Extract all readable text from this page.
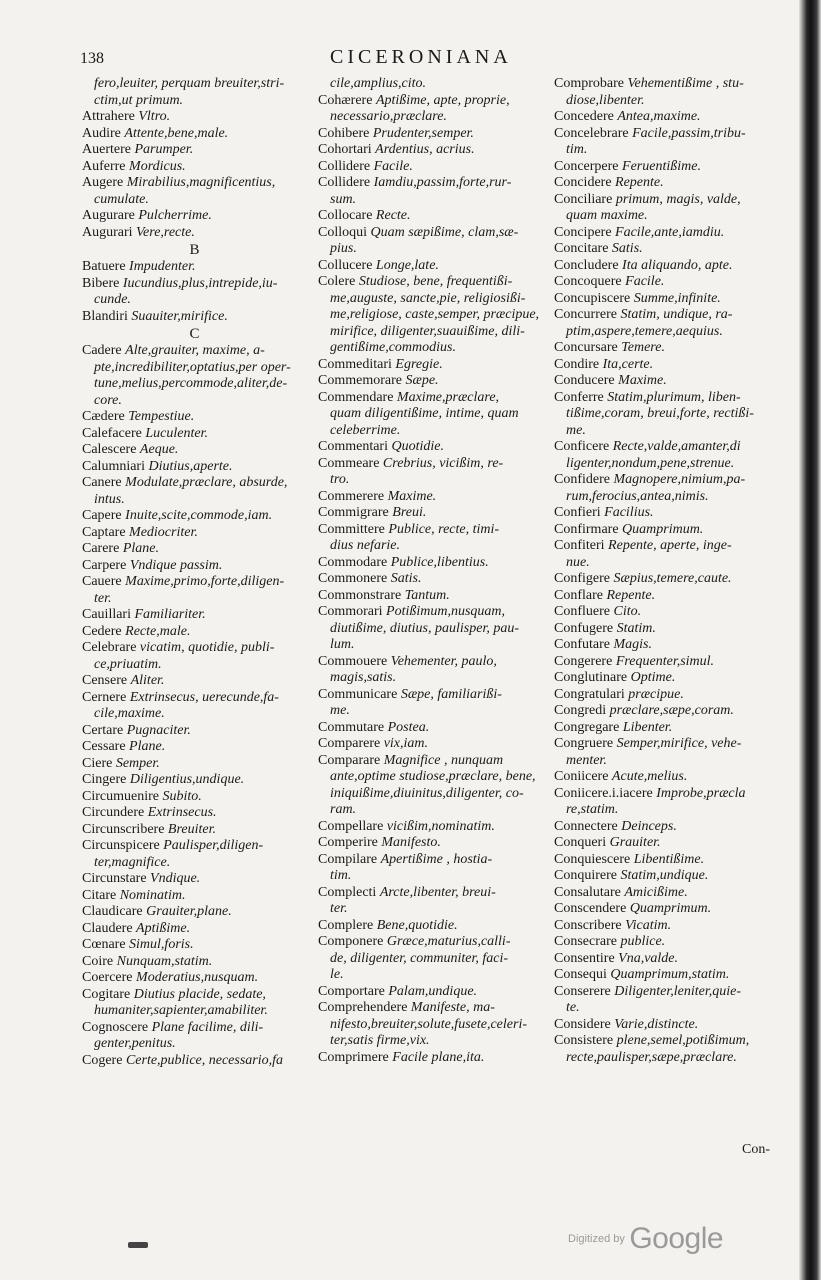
138	CICERONIANA

fero,leuiter, perquam breuiter,stri-

ctim,ut primum.

Attrahere Vltro.

Audire Attente,bene,male.

Auertere Parumper.

Auferre Mordicus.

Augere Mirabilius,magnificentius,

cumulate.

Augurare Pulcherrime.

Augurari Vere,recte.

B

Batuere Impudenter.

Bibere Iucundius,plus,intrepide,iu-

cunde.

Blandiri Suauiter,mirifice.

C

Cadere Alte,grauiter, maxime, a-

pte,incredibiliter,optatius,per oper-

tune,melius,percommode,aliter,de-

core.

Cædere Tempestiue.

Calefacere Luculenter.

Calescere Aeque.

Calumniari Diutius,aperte.

Canere Modulate,præclare, absurde,

intus.

Capere Inuite,scite,commode,iam.

Captare Mediocriter.

Carere Plane.

Carpere Vndique passim.

Cauere Maxime,primo,forte,diligen-

ter.

Cauillari Familiariter.

Cedere Recte,male.

Celebrare vicatim, quotidie, publi-

ce,priuatim.

Censere Aliter.

Cernere Extrinsecus, uerecunde,fa-

cile,maxime.

Certare Pugnaciter.

Cessare Plane.

Ciere Semper.

Cingere Diligentius,undique.

Circumuenire Subito.

Circundere Extrinsecus.

Circunscribere Breuiter.

Circunspicere Paulisper,diligen-

ter,magnifice.

Circunstare Vndique.

Citare Nominatim.

Claudicare Grauiter,plane.

Claudere Aptißime.

Cœnare Simul,foris.

Coire Nunquam,statim.

Coercere Moderatius,nusquam.

Cogitare Diutius placide, sedate,

humaniter,sapienter,amabiliter.

Cognoscere Plane facilime, dili-

genter,penitus.

Cogere Certe,publice, necessario,fa

cile,amplius,cito.

Cohærere Aptißime, apte, proprie,

necessario,præclare.

Cohibere Prudenter,semper.

Cohortari Ardentius, acrius.

Collidere Facile.

Collidere Iamdiu,passim,forte,rur-

sum.

Collocare Recte.

Colloqui Quam sæpißime, clam,sæ-

pius.

Collucere Longe,late.

Colere Studiose, bene, frequentißi-

me,auguste, sancte,pie, religiosißi-

me,religiose, caste,semper, præcipue,

mirifice, diligenter,suauißime, dili-

gentißime,commodius.

Commeditari Egregie.

Commemorare Sæpe.

Commendare Maxime,præclare,

quam diligentißime, intime, quam

celeberrime.

Commentari Quotidie.

Commeare Crebrius, vicißim, re-

tro.

Commerere Maxime.

Commigrare Breui.

Committere Publice, recte, timi-

dius nefarie.

Commodare Publice,libentius.

Commonere Satis.

Commonstrare Tantum.

Commorari Potißimum,nusquam,

diutißime, diutius, paulisper, pau-

lum.

Commouere Vehementer, paulo,

magis,satis.

Communicare Sæpe, familiarißi-

me.

Commutare Postea.

Comparere vix,iam.

Comparare Magnifice , nunquam

ante,optime studiose,præclare, bene,

iniquißime,diuinitus,diligenter, co-

ram.

Compellare vicißim,nominatim.

Comperire Manifesto.

Compilare Apertißime , hostia-

tim.

Complecti Arcte,libenter, breui-

ter.

Complere Bene,quotidie.

Componere Græce,maturius,calli-

de, diligenter, communiter, faci-

le.

Comportare Palam,undique.

Comprehendere Manifeste, ma-

nifesto,breuiter,solute,fusete,celeri-

ter,satis firme,vix.

Comprimere Facile plane,ita.

Comprobare Vehementißime , stu-

diose,libenter.

Concedere Antea,maxime.

Concelebrare Facile,passim,tribu-

tim.

Concerpere Feruentißime.

Concidere Repente.

Conciliare primum, magis, valde,

quam maxime.

Concipere Facile,ante,iamdiu.

Concitare Satis.

Concludere Ita aliquando, apte.

Concoquere Facile.

Concupiscere Summe,infinite.

Concurrere Statim, undique, ra-

ptim,aspere,temere,aequius.

Concursare Temere.

Condire Ita,certe.

Conducere Maxime.

Conferre Statim,plurimum, liben-

tißime,coram, breui,forte, rectißi-

me.

Conficere Recte,valde,amanter,di

ligenter,nondum,pene,strenue.

Confidere Magnopere,nimium,pa-

rum,ferocius,antea,nimis.

Confieri Facilius.

Confirmare Quamprimum.

Confiteri Repente, aperte, inge-

nue.

Configere Sæpius,temere,caute.

Conflare Repente.

Confluere Cito.

Confugere Statim.

Confutare Magis.

Congerere Frequenter,simul.

Conglutinare Optime.

Congratulari præcipue.

Congredi præclare,sæpe,coram.

Congregare Libenter.

Congruere Semper,mirifice, vehe-

menter.

Coniicere Acute,melius.

Coniicere.i.iacere Improbe,præcla

re,statim.

Connectere Deinceps.

Conqueri Grauiter.

Conquiescere Libentißime.

Conquirere Statim,undique.

Consalutare Amicißime.

Conscendere Quamprimum.

Conscribere Vicatim.

Consecrare publice.

Consentire Vna,valde.

Consequi Quamprimum,statim.

Conserere Diligenter,leniter,quie-

te.

Considere Varie,distincte.

Consistere plene,semel,potißimum,

recte,paulisper,sæpe,præclare.

Con-
Digitized by Google
